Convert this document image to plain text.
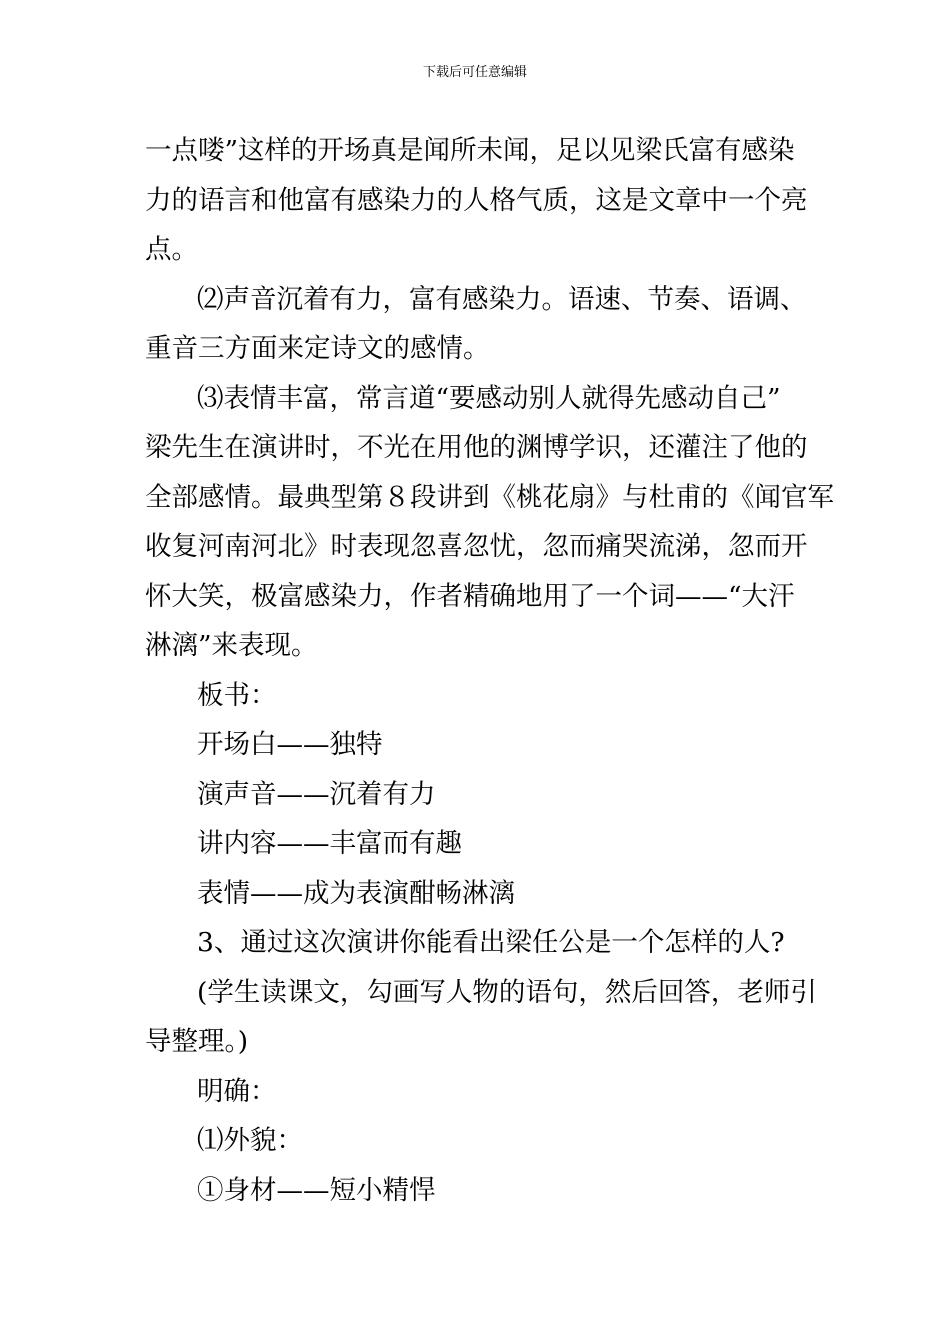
下载后可任意编辑

一点喽”这样的开场真是闻所未闻，足以见梁氏富有感染

力的语言和他富有感染力的人格气质，这是文章中一个亮

点。

⑵声音沉着有力，富有感染力。语速、节奏、语调、

重音三方面来定诗文的感情。

⑶表情丰富，常言道“要感动别人就得先感动自己”

梁先生在演讲时，不光在用他的渊博学识，还灌注了他的

全部感情。最典型第８段讲到《桃花扇》与杜甫的《闻官军

收复河南河北》时表现忽喜忽忧，忽而痛哭流涕，忽而开

怀大笑，极富感染力，作者精确地用了一个词——“大汗

淋漓”来表现。

板书：

开场白——独特

演声音——沉着有力

讲内容——丰富而有趣

表情——成为表演酣畅淋漓

3、通过这次演讲你能看出梁任公是一个怎样的人?

(学生读课文，勾画写人物的语句，然后回答，老师引

导整理。)

明确：

⑴外貌：

①身材——短小精悍
